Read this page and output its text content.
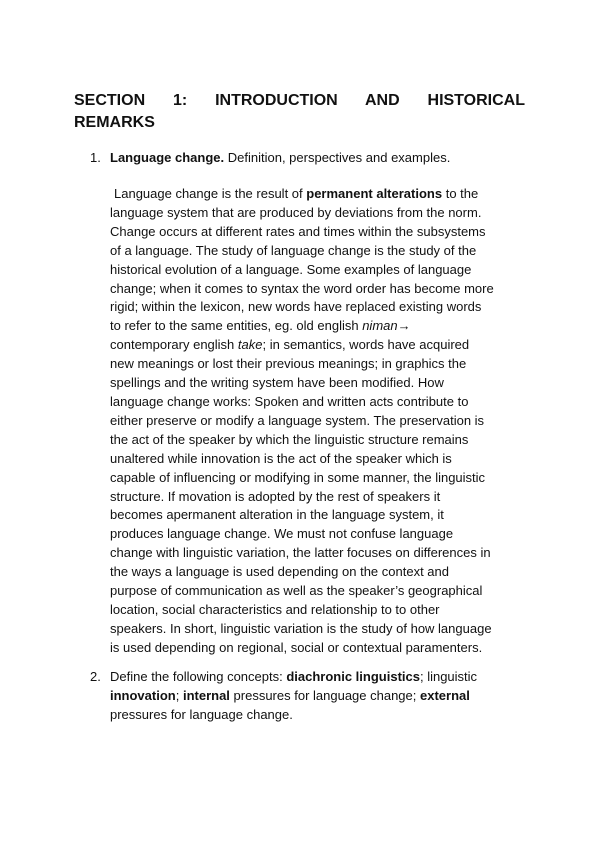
SECTION 1: INTRODUCTION AND HISTORICAL
REMARKS
1. Language change. Definition, perspectives and examples.

Language change is the result of permanent alterations to the
language system that are produced by deviations from the norm.
Change occurs at different rates and times within the subsystems
of a language. The study of language change is the study of the
historical evolution of a language. Some examples of language
change; when it comes to syntax the word order has become more
rigid; within the lexicon, new words have replaced existing words
to refer to the same entities, eg. old english niman→
contemporary english take; in semantics, words have acquired
new meanings or lost their previous meanings; in graphics the
spellings and the writing system have been modified. How
language change works: Spoken and written acts contribute to
either preserve or modify a language system. The preservation is
the act of the speaker by which the linguistic structure remains
unaltered while innovation is the act of the speaker which is
capable of influencing or modifying in some manner, the linguistic
structure. If movation is adopted by the rest of speakers it
becomes apermanent alteration in the language system, it
produces language change. We must not confuse language
change with linguistic variation, the latter focuses on differences in
the ways a language is used depending on the context and
purpose of communication as well as the speaker’s geographical
location, social characteristics and relationship to to other
speakers. In short, linguistic variation is the study of how language
is used depending on regional, social or contextual paramenters.

2. Define the following concepts: diachronic linguistics; linguistic innovation; internal pressures for language change; external pressures for language change.
